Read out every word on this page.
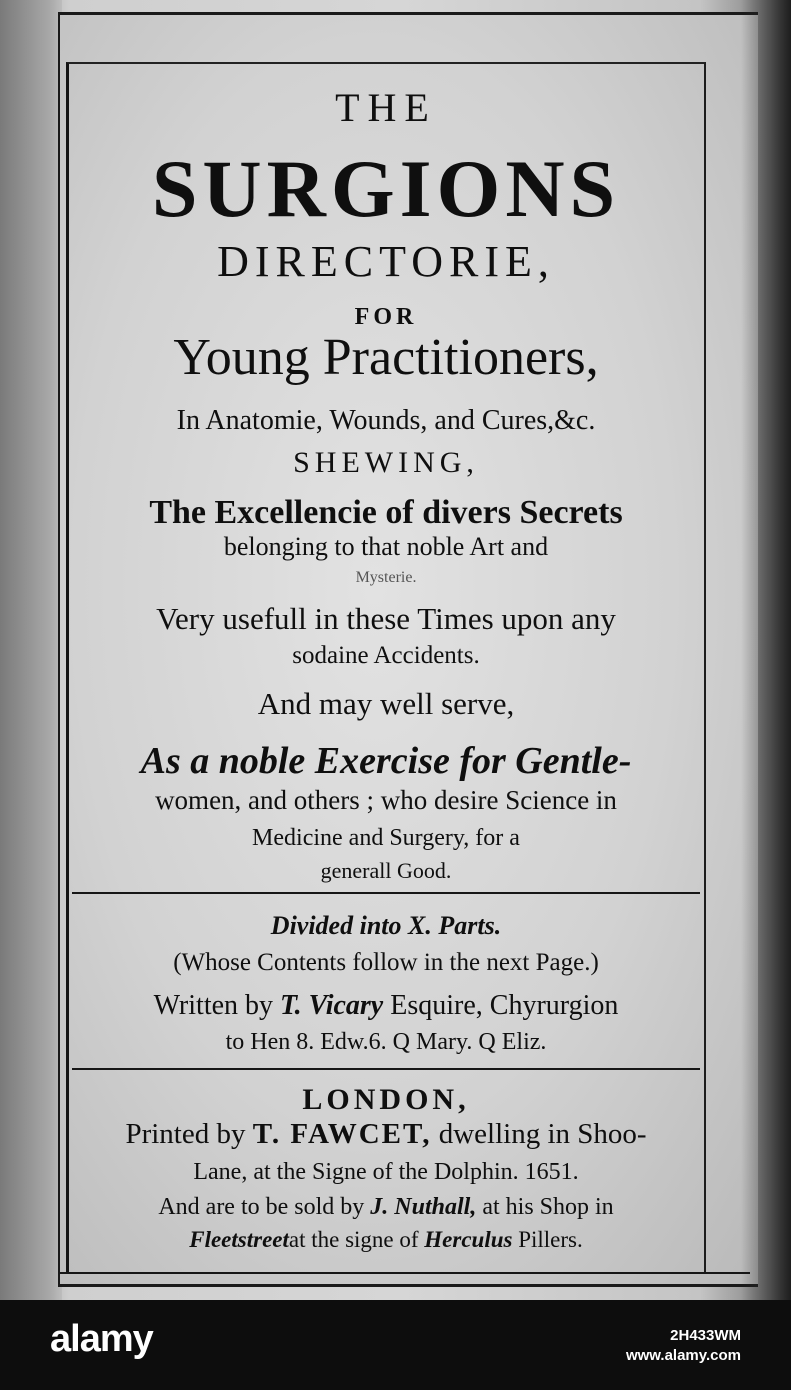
THE
SURGIONS
DIRECTORIE,
FOR
Young Practitioners,
In Anatomie, Wounds, and Cures,&c.
SHEWING,
The Excellencie of divers Secrets
belonging to that noble Art and
Mysterie.
Very usefull in these Times upon any
sodaine Accidents.
And may well serve,
As a noble Exercise for Gentle-
women, and others ; who desire Science in
Medicine and Surgery, for a
generall Good.
Divided into X. Parts.
(Whose Contents follow in the next Page.)
Written by T. Vicary Esquire, Chyrurgion
to Hen 8. Edw.6. Q Mary. Q Eliz.
LONDON,
Printed by T. FAWCET, dwelling in Shoo-
Lane, at the Signe of the Dolphin. 1651.
And are to be sold by J. Nuthall, at his Shop in
Fleetstreetat the signe of Herculus Pillers.
alamy	2H433WM
www.alamy.com
